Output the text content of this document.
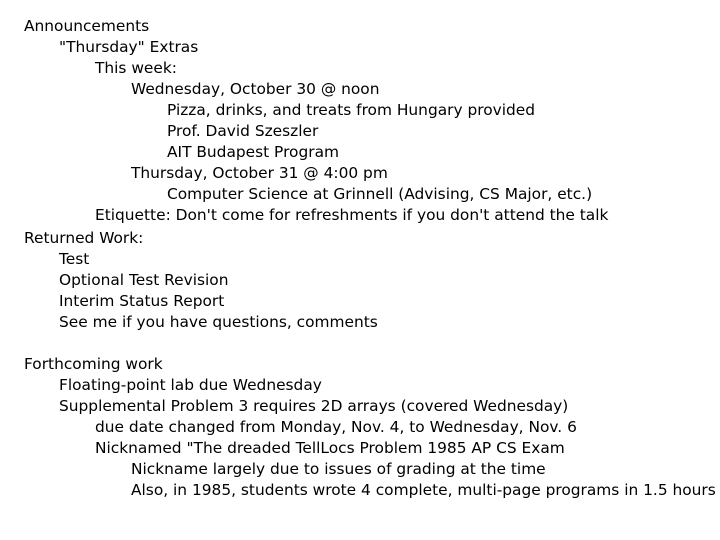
Announcements
"Thursday" Extras
This week:
Wednesday, October 30 @ noon
Pizza, drinks, and treats from Hungary provided
Prof. David Szeszler
AIT Budapest Program
Thursday, October 31 @ 4:00 pm
Computer Science at Grinnell (Advising, CS Major, etc.)
Etiquette: Don't come for refreshments if you don't attend the talk
Returned Work:
Test
Optional Test Revision
Interim Status Report
See me if you have questions, comments
Forthcoming work
Floating-point lab due Wednesday
Supplemental Problem 3 requires 2D arrays (covered Wednesday)
due date changed from Monday, Nov. 4, to Wednesday, Nov. 6
Nicknamed "The dreaded TellLocs Problem 1985 AP CS Exam
Nickname largely due to issues of grading at the time
Also, in 1985, students wrote 4 complete, multi-page programs in 1.5 hours
